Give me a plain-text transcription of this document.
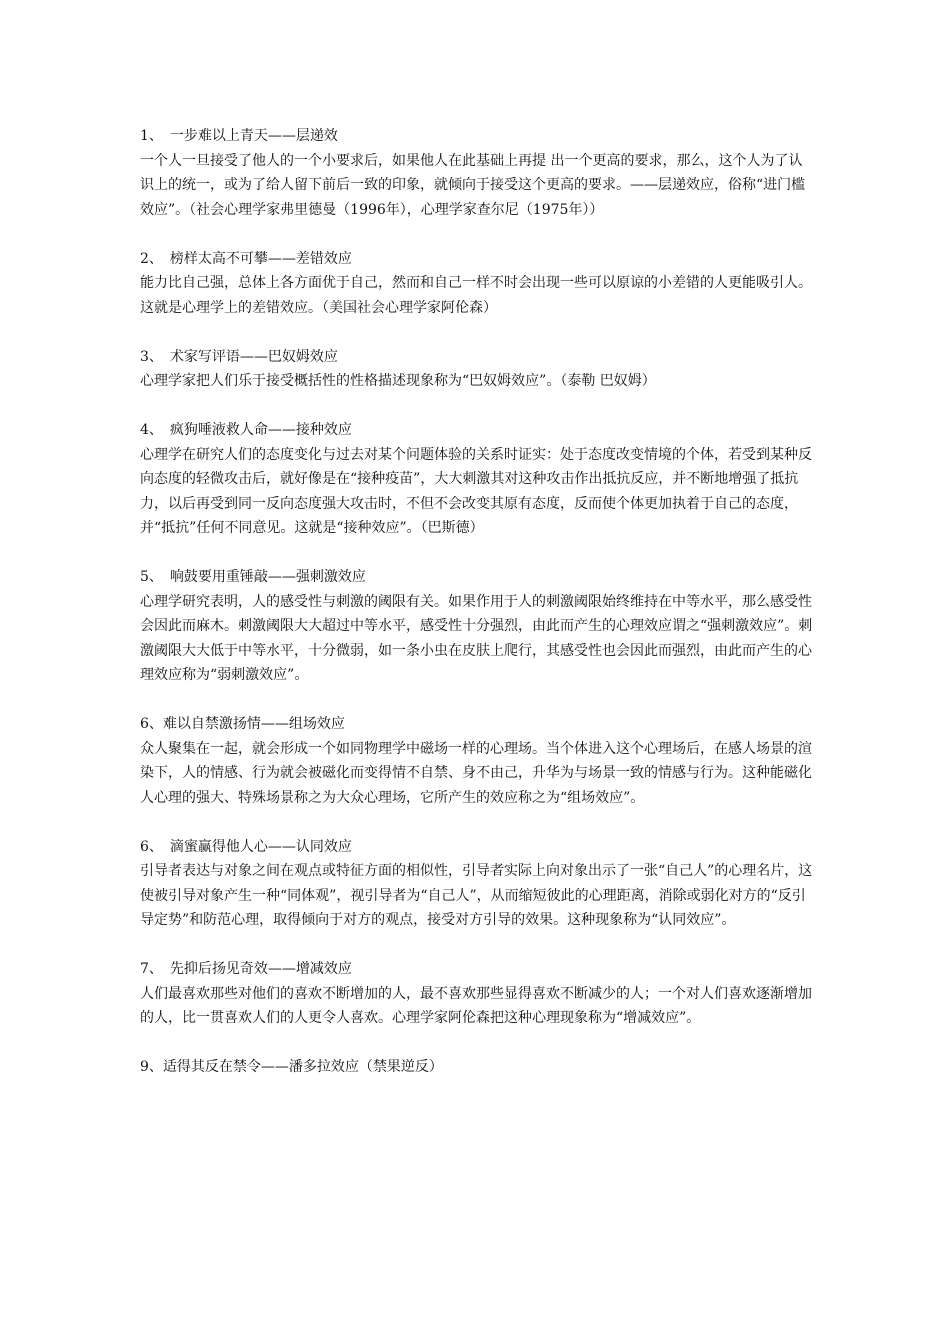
1、　一步难以上青天——层递效

一个人一旦接受了他人的一个小要求后，如果他人在此基础上再提 出一个更高的要求，那么，这个人为了认识上的统一，或为了给人留下前后一致的印象，就倾向于接受这个更高的要求。——层递效应，俗称“进门槛效应”。（社会心理学家弗里德曼（1996年），心理学家查尔尼（1975年））

2、　榜样太高不可攀——差错效应

能力比自己强，总体上各方面优于自己，然而和自己一样不时会出现一些可以原谅的小差错的人更能吸引人。这就是心理学上的差错效应。（美国社会心理学家阿伦森）

3、　术家写评语——巴奴姆效应

心理学家把人们乐于接受概括性的性格描述现象称为“巴奴姆效应”。（泰勒 巴奴姆）

4、　疯狗唾液救人命——接种效应

心理学在研究人们的态度变化与过去对某个问题体验的关系时证实：处于态度改变情境的个体，若受到某种反向态度的轻微攻击后，就好像是在“接种疫苗”，大大刺激其对这种攻击作出抵抗反应，并不断地增强了抵抗力，以后再受到同一反向态度强大攻击时，不但不会改变其原有态度，反而使个体更加执着于自己的态度，并“抵抗”任何不同意见。这就是“接种效应”。（巴斯德）

5、　响鼓要用重锤敲——强刺激效应

心理学研究表明，人的感受性与刺激的阈限有关。如果作用于人的刺激阈限始终维持在中等水平，那么感受性会因此而麻木。刺激阈限大大超过中等水平，感受性十分强烈，由此而产生的心理效应谓之“强刺激效应”。刺激阈限大大低于中等水平，十分微弱，如一条小虫在皮肤上爬行，其感受性也会因此而强烈，由此而产生的心理效应称为“弱刺激效应”。

6、难以自禁激扬情——组场效应

众人聚集在一起，就会形成一个如同物理学中磁场一样的心理场。当个体进入这个心理场后，在感人场景的渲染下，人的情感、行为就会被磁化而变得情不自禁、身不由己，升华为与场景一致的情感与行为。这种能磁化人心理的强大、特殊场景称之为大众心理场，它所产生的效应称之为“组场效应”。

6、　滴蜜赢得他人心——认同效应

引导者表达与对象之间在观点或特征方面的相似性，引导者实际上向对象出示了一张“自己人”的心理名片，这使被引导对象产生一种“同体观”，视引导者为“自己人”，从而缩短彼此的心理距离，消除或弱化对方的“反引导定势”和防范心理，取得倾向于对方的观点，接受对方引导的效果。这种现象称为“认同效应”。

7、　先抑后扬见奇效——增减效应

人们最喜欢那些对他们的喜欢不断增加的人，最不喜欢那些显得喜欢不断减少的人；一个对人们喜欢逐渐增加的人，比一贯喜欢人们的人更令人喜欢。心理学家阿伦森把这种心理现象称为“增减效应”。

9、适得其反在禁令——潘多拉效应（禁果逆反）
